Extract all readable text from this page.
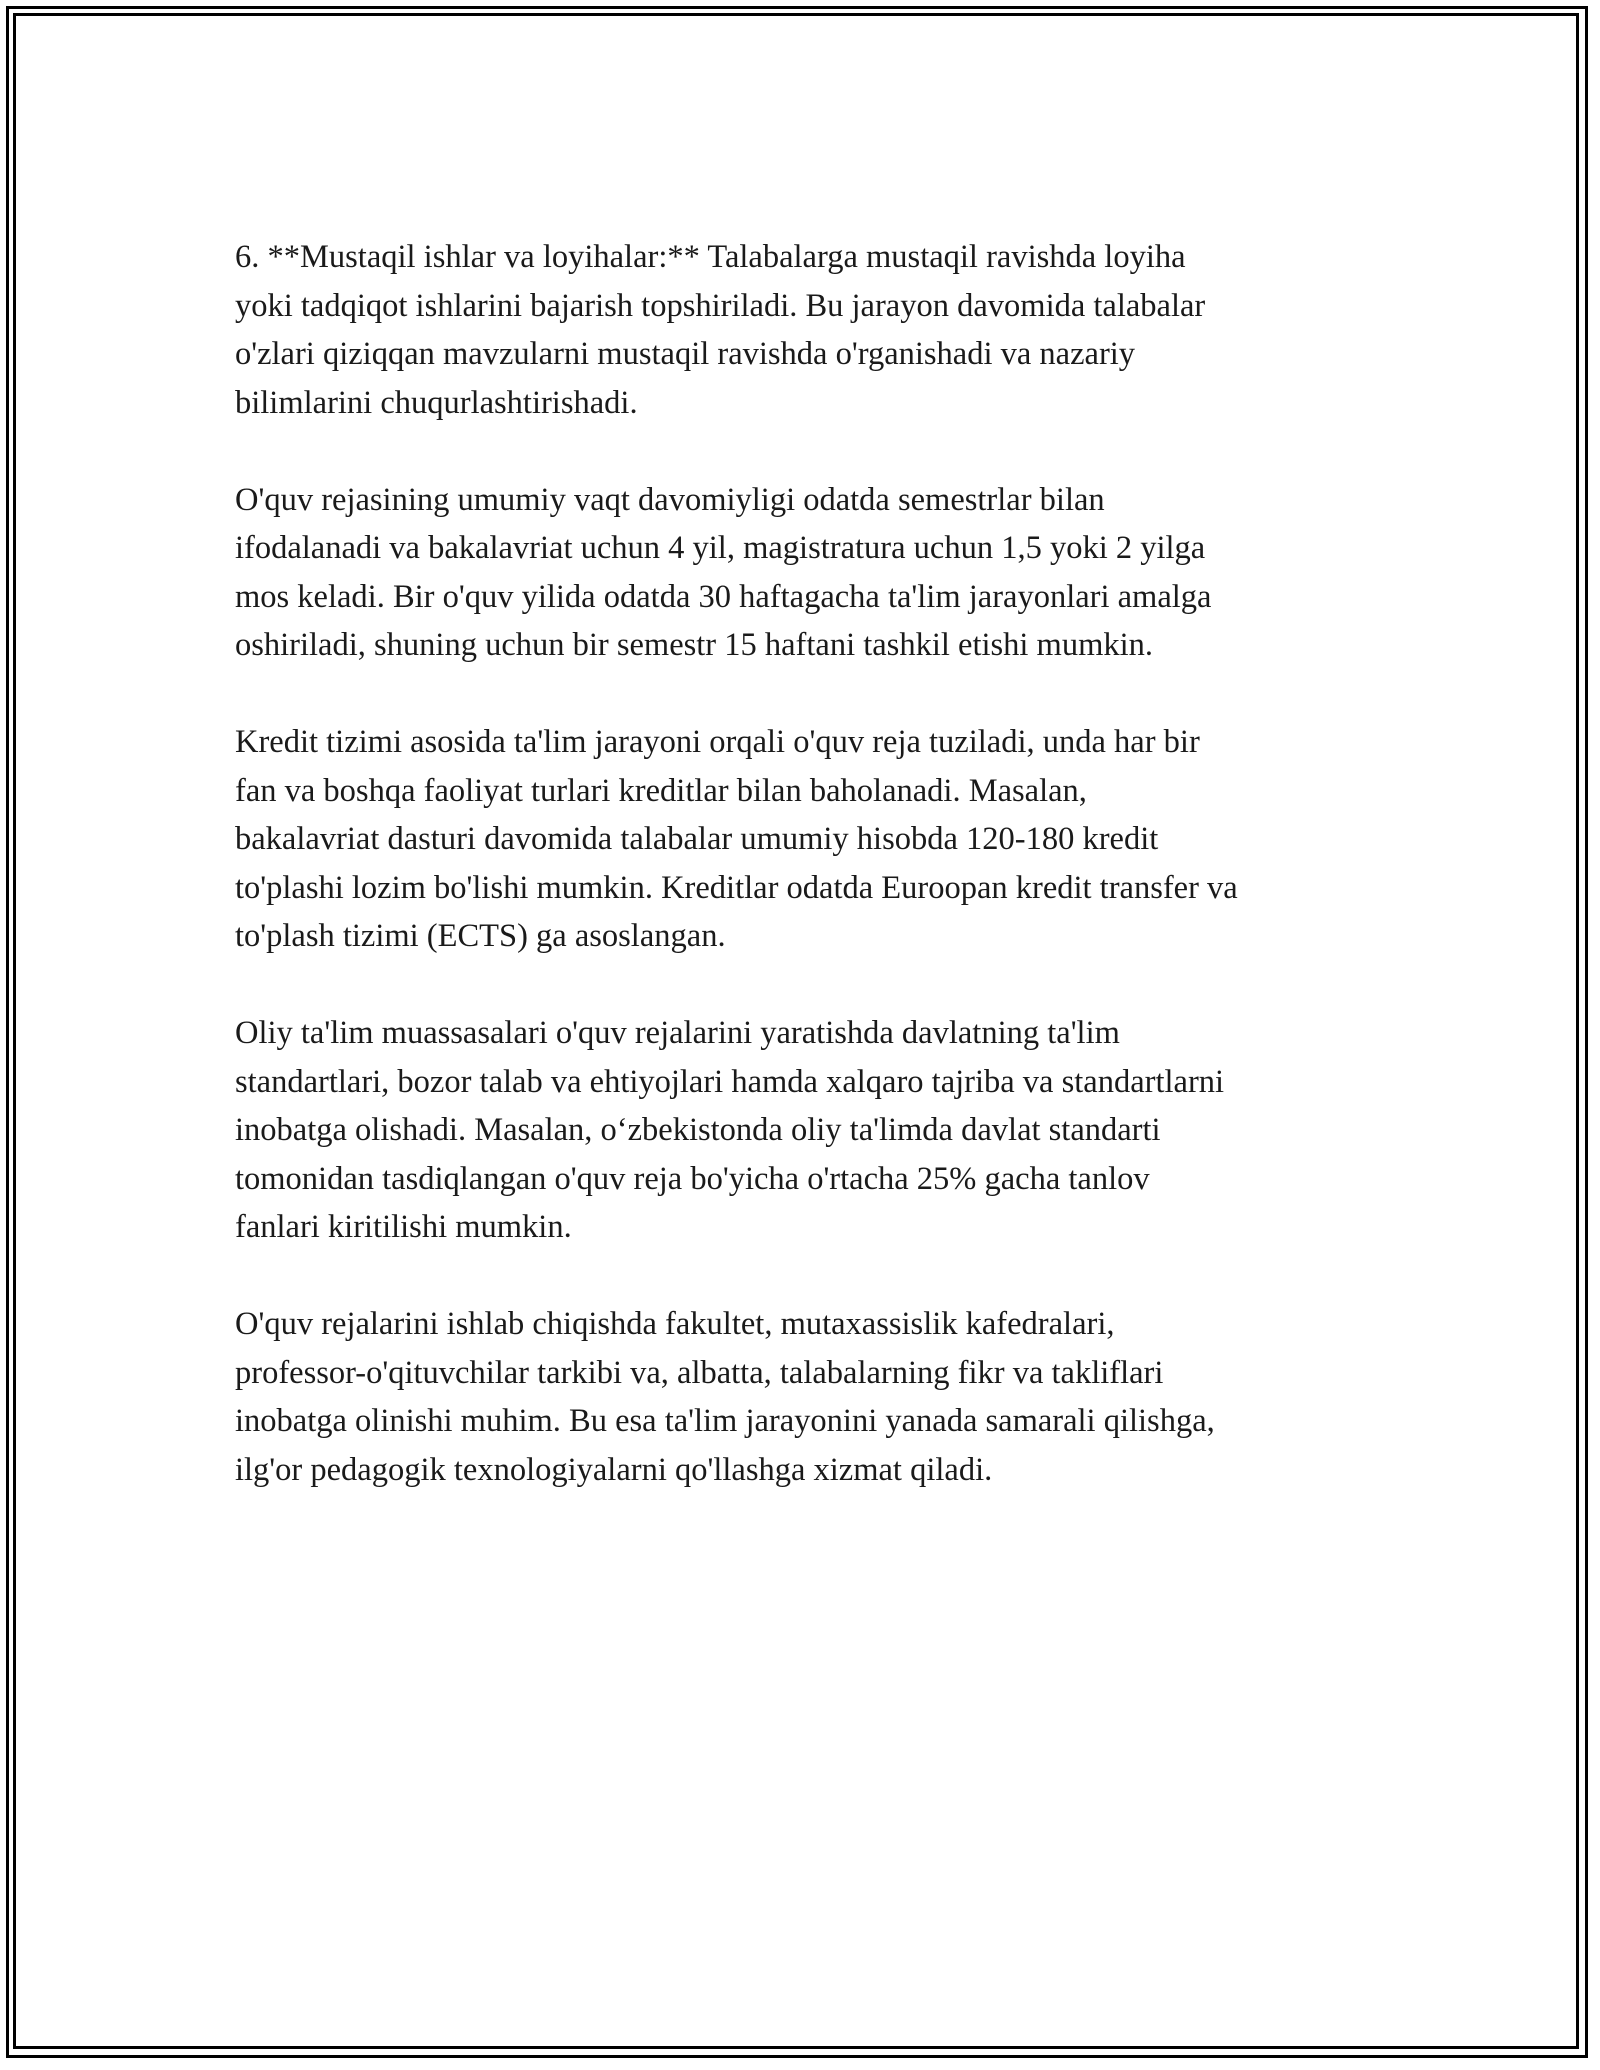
6. **Mustaqil ishlar va loyihalar:** Talabalarga mustaqil ravishda loyiha
yoki tadqiqot ishlarini bajarish topshiriladi. Bu jarayon davomida talabalar
o'zlari qiziqqan mavzularni mustaqil ravishda o'rganishadi va nazariy
bilimlarini chuqurlashtirishadi.

O'quv rejasining umumiy vaqt davomiyligi odatda semestrlar bilan
ifodalanadi va bakalavriat uchun 4 yil, magistratura uchun 1,5 yoki 2 yilga
mos keladi. Bir o'quv yilida odatda 30 haftagacha ta'lim jarayonlari amalga
oshiriladi, shuning uchun bir semestr 15 haftani tashkil etishi mumkin.

Kredit tizimi asosida ta'lim jarayoni orqali o'quv reja tuziladi, unda har bir
fan va boshqa faoliyat turlari kreditlar bilan baholanadi. Masalan,
bakalavriat dasturi davomida talabalar umumiy hisobda 120-180 kredit
to'plashi lozim bo'lishi mumkin. Kreditlar odatda Euroopan kredit transfer va
to'plash tizimi (ECTS) ga asoslangan.

Oliy ta'lim muassasalari o'quv rejalarini yaratishda davlatning ta'lim
standartlari, bozor talab va ehtiyojlari hamda xalqaro tajriba va standartlarni
inobatga olishadi. Masalan, o‘zbekistonda oliy ta'limda davlat standarti
tomonidan tasdiqlangan o'quv reja bo'yicha o'rtacha 25% gacha tanlov
fanlari kiritilishi mumkin.

O'quv rejalarini ishlab chiqishda fakultet, mutaxassislik kafedralari,
professor-o'qituvchilar tarkibi va, albatta, talabalarning fikr va takliflari
inobatga olinishi muhim. Bu esa ta'lim jarayonini yanada samarali qilishga,
ilg'or pedagogik texnologiyalarni qo'llashga xizmat qiladi.
